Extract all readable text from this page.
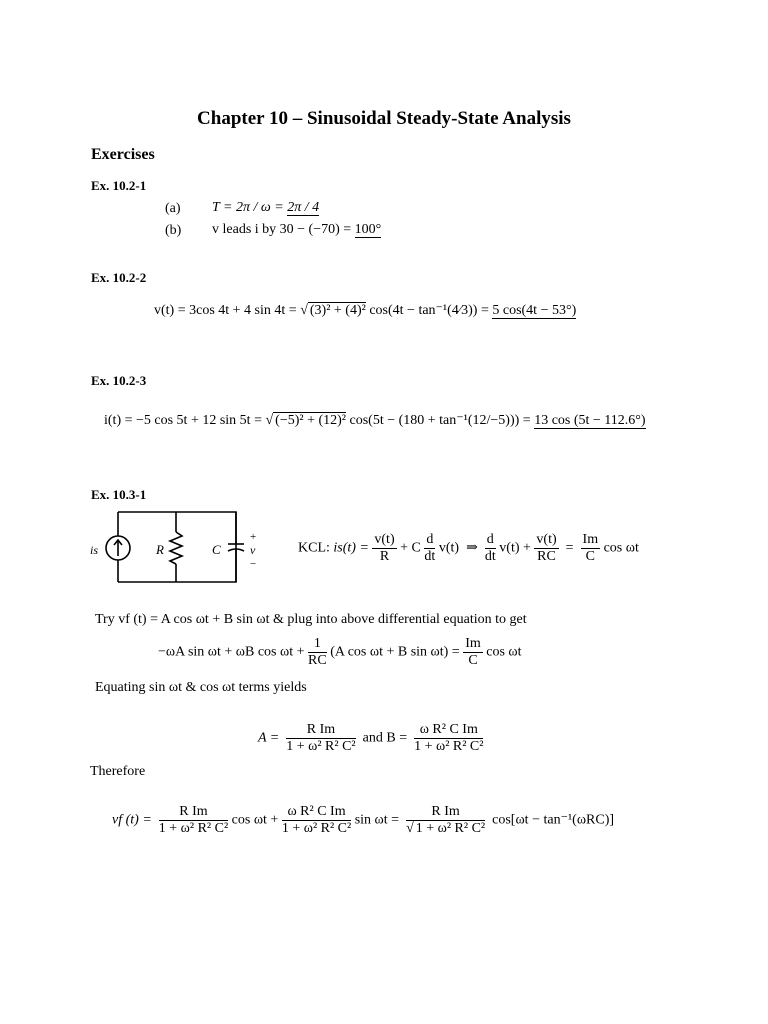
Chapter 10 – Sinusoidal Steady-State Analysis
Exercises
Ex. 10.2-1
(a) T = 2π / ω = 2π / 4
(b) v leads i by 30 − (−70) = 100°
Ex. 10.2-2
v(t) = 3cos 4t + 4 sin 4t = √ (3)² + (4)² cos(4t − tan⁻¹(4⁄3)) = 5 cos(4t − 53°)
Ex. 10.2-3
i(t) = −5 cos 5t + 12 sin 5t = √ (−5)² + (12)² cos(5t − (180 + tan⁻¹(12/−5))) = 13 cos (5t − 112.6°)
Ex. 10.3-1
is	R	C
+
v
−
KCL: $is(t) = \frac{v(t)}{R} + C \frac{d}{dt} v(t)$ ⇒ $\frac{d}{dt} v(t) + \frac{v(t)}{RC} = \frac{Im}{C}$ cos ωt
Try vf (t) = A cos ωt + B sin ωt & plug into above differential equation to get
−ωA sin ωt + ωB $\cos \omega t + \frac{1}{RC} (A$ cos ωt + B $\sin \omega t) = \frac{Im}{C}$ cos ωt
Equating sin ωt & cos ωt terms yields
$A = \frac{\text{R Im}}{\text{1 + ω² R² C²}}$ and $B = \frac{\text{ω R² C Im}}{\text{1 + ω² R² C²}}$
Therefore
vf $(t) = \frac{\text{R Im}}{\text{1 + ω² R² C²}}$ $\cos \omega t + \frac{\text{ω R² C Im}}{\text{1 + ω² R² C²}}$ $\sin \omega t = \frac{\text{R Im}}{\text{√ 1 + ω² R² C²}} \cos[\omega t - \tan^{-1}(\omega RC)]$
